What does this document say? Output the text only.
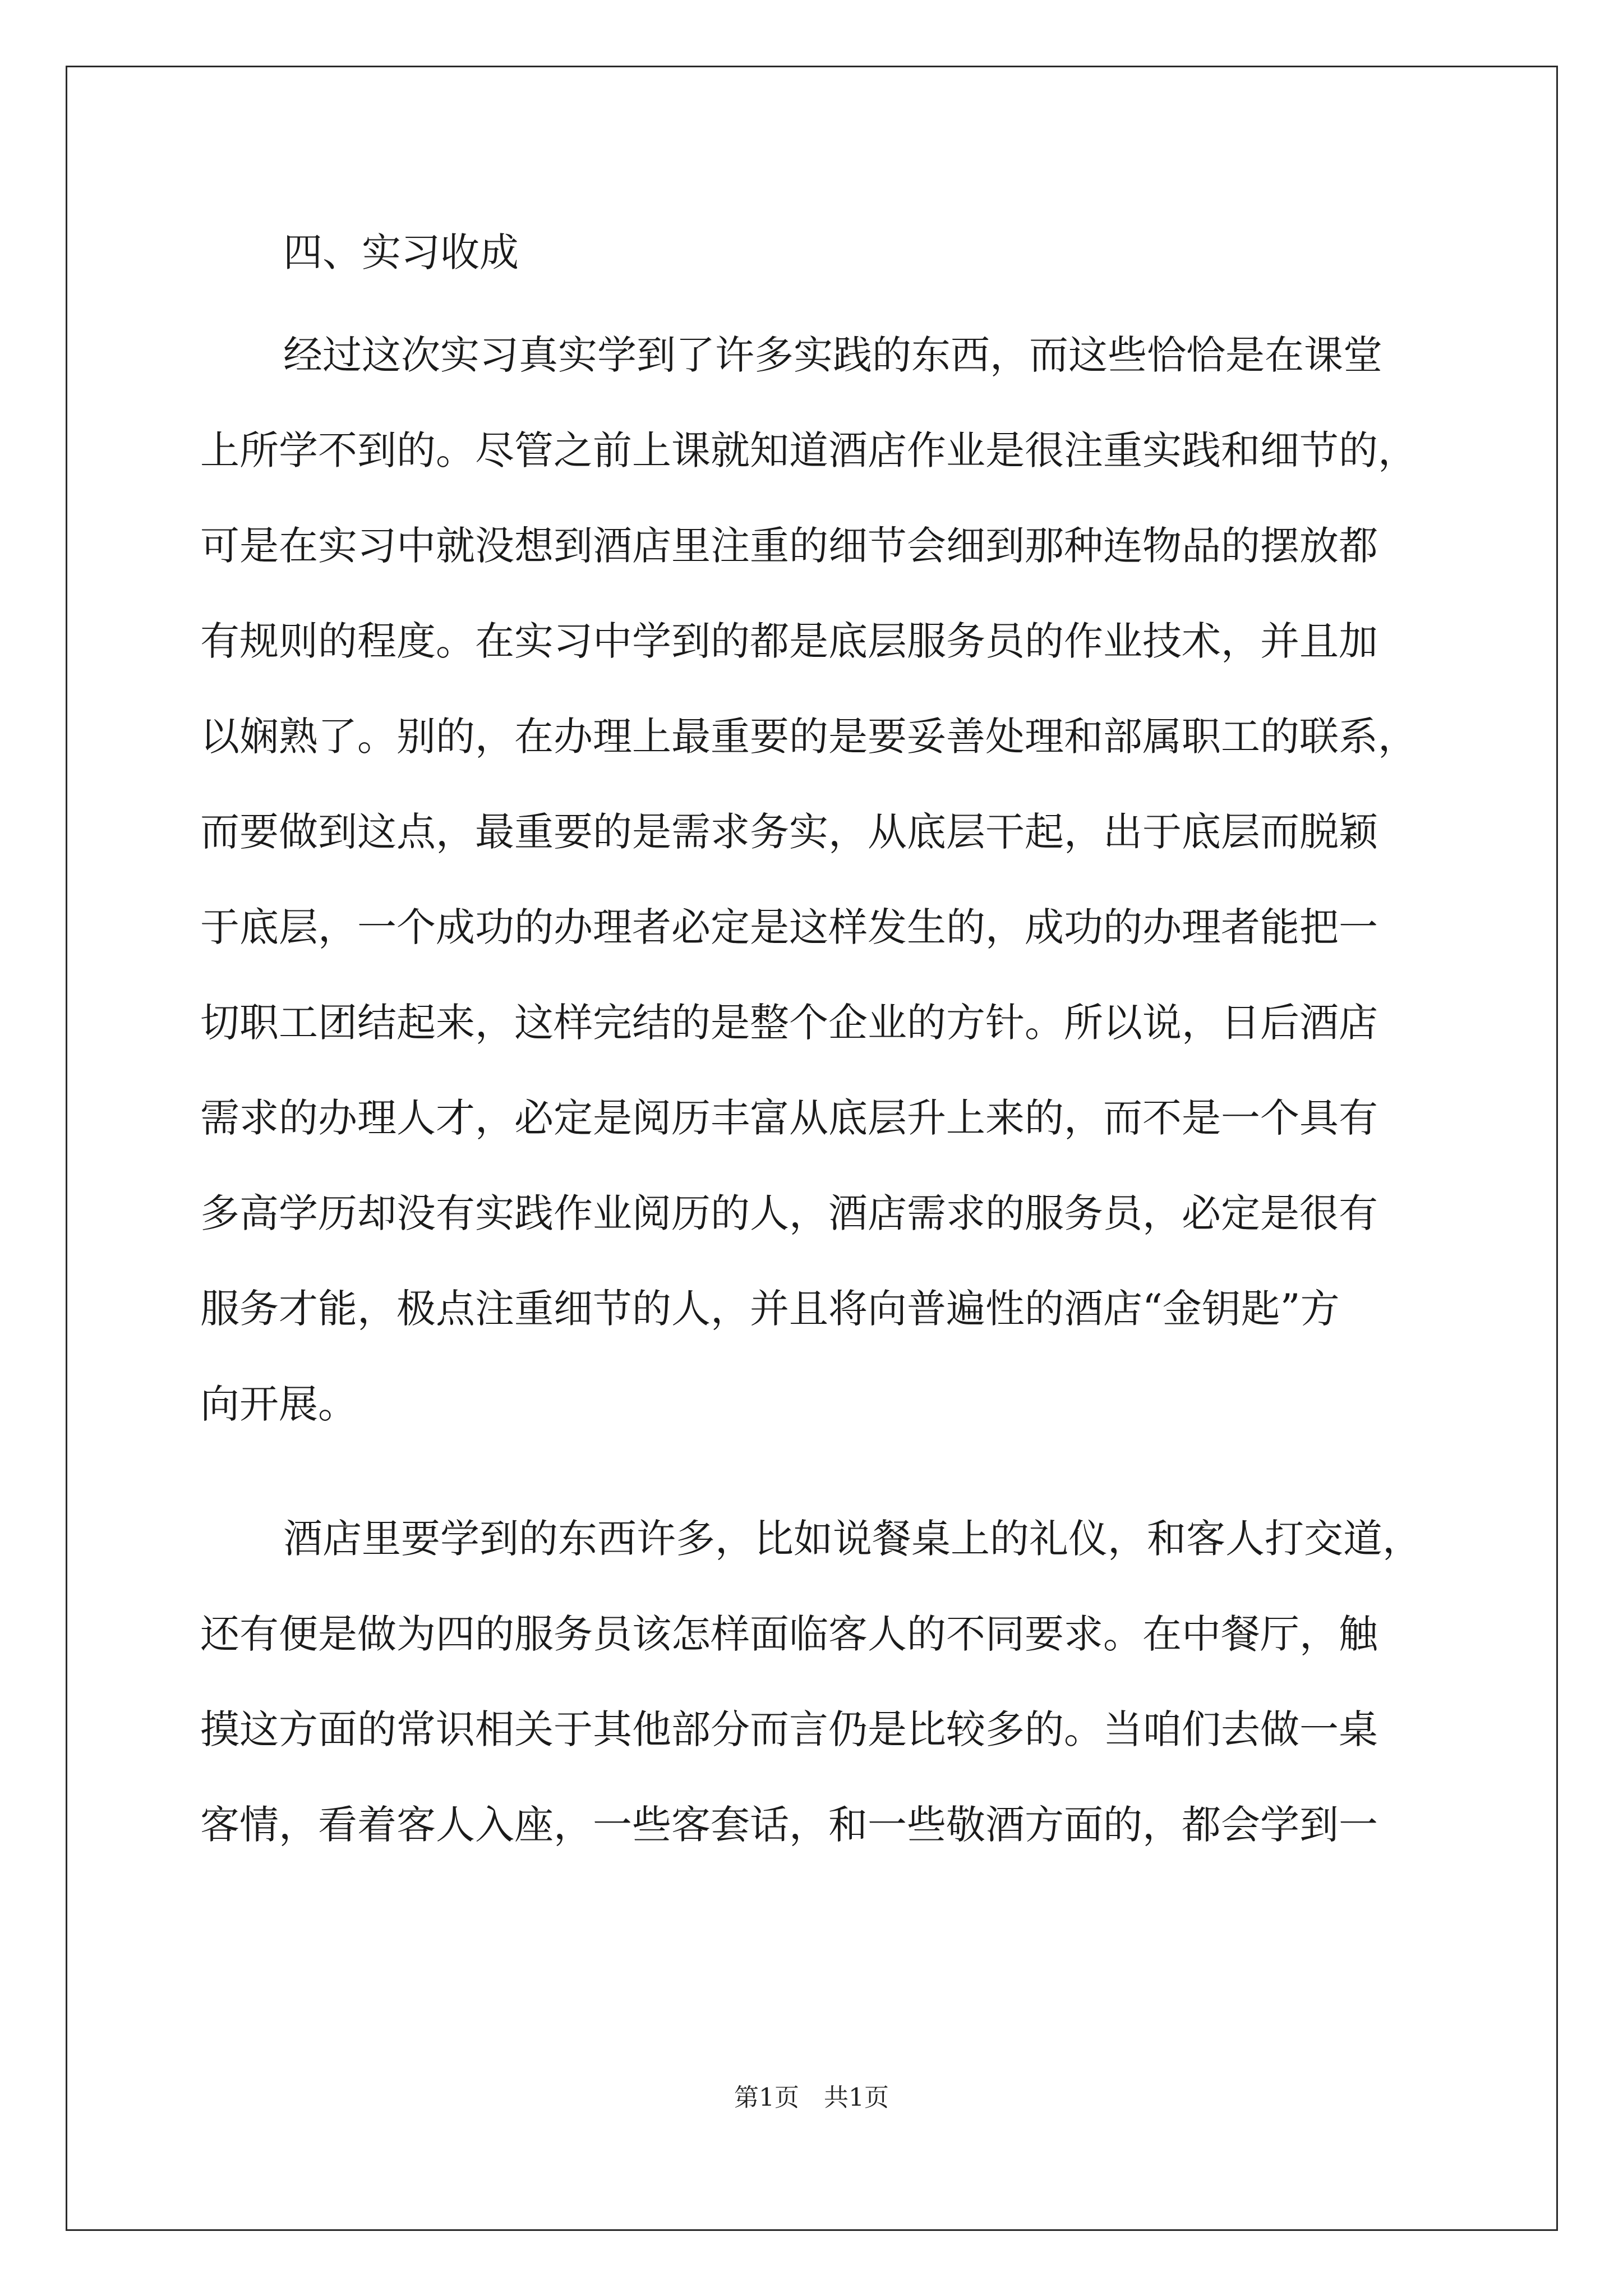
四、实习收成
经过这次实习真实学到了许多实践的东西，而这些恰恰是在课堂
上所学不到的。尽管之前上课就知道酒店作业是很注重实践和细节的，
可是在实习中就没想到酒店里注重的细节会细到那种连物品的摆放都
有规则的程度。在实习中学到的都是底层服务员的作业技术，并且加
以娴熟了。别的，在办理上最重要的是要妥善处理和部属职工的联系，
而要做到这点，最重要的是需求务实，从底层干起，出于底层而脱颖
于底层，一个成功的办理者必定是这样发生的，成功的办理者能把一
切职工团结起来，这样完结的是整个企业的方针。所以说，日后酒店
需求的办理人才，必定是阅历丰富从底层升上来的，而不是一个具有
多高学历却没有实践作业阅历的人，酒店需求的服务员，必定是很有
服务才能，极点注重细节的人，并且将向普遍性的酒店“金钥匙”方
向开展。
酒店里要学到的东西许多，比如说餐桌上的礼仪，和客人打交道，
还有便是做为四的服务员该怎样面临客人的不同要求。在中餐厅，触
摸这方面的常识相关于其他部分而言仍是比较多的。当咱们去做一桌
客情，看着客人入座，一些客套话，和一些敬酒方面的，都会学到一
第1页　共1页
